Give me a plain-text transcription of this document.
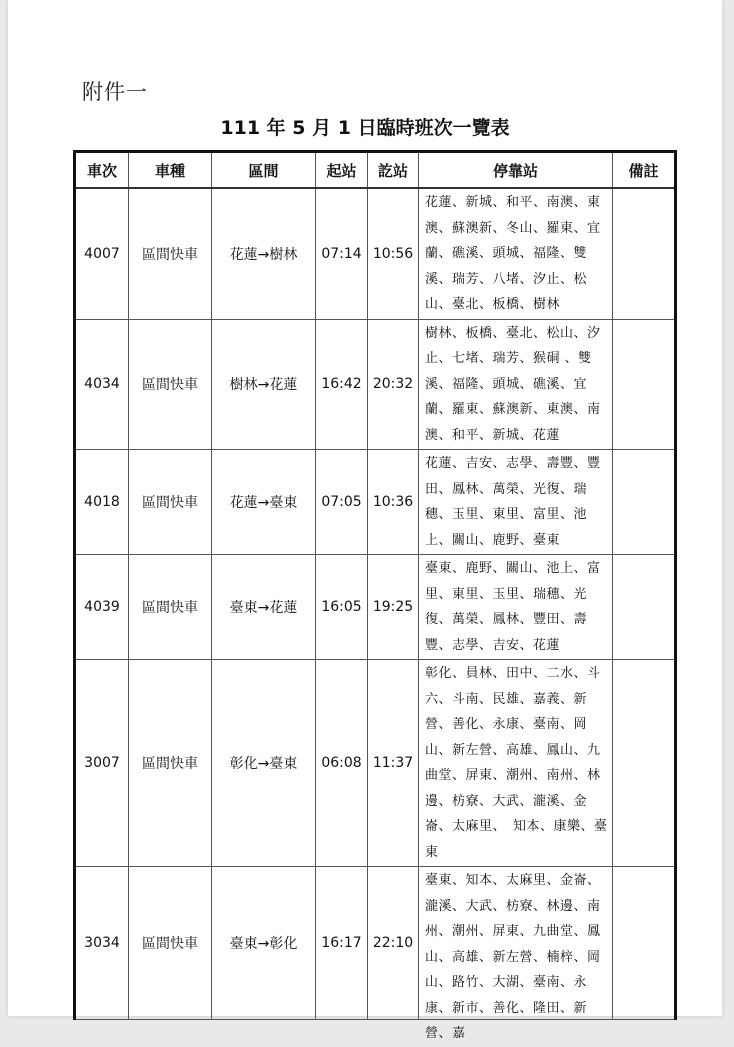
附件一
111 年 5 月 1 日臨時班次一覽表
車次	車種	區間	起站	訖站	停靠站	備註
4007	區間快車	花蓮→樹林	07:14	10:56	花蓮、新城、和平、南澳、東澳、蘇澳新、冬山、羅東、宜蘭、礁溪、頭城、福隆、雙溪、瑞芳、八堵、汐止、松山、臺北、板橋、樹林	
4034	區間快車	樹林→花蓮	16:42	20:32	樹林、板橋、臺北、松山、汐止、七堵、瑞芳、猴硐 、雙溪、福隆、頭城、礁溪、宜蘭、羅東、蘇澳新、東澳、南澳、和平、新城、花蓮	
4018	區間快車	花蓮→臺東	07:05	10:36	花蓮、吉安、志學、壽豐、豐田、鳳林、萬榮、光復、瑞穗、玉里、東里、富里、池上、關山、鹿野、臺東	
4039	區間快車	臺東→花蓮	16:05	19:25	臺東、鹿野、關山、池上、富里、東里、玉里、瑞穗、光復、萬榮、鳳林、豐田、壽豐、志學、吉安、花蓮	
3007	區間快車	彰化→臺東	06:08	11:37	彰化、員林、田中、二水、斗六、斗南、民雄、嘉義、新營、善化、永康、臺南、岡山、新左營、高雄、鳳山、九曲堂、屏東、潮州、南州、林邊、枋寮、大武、瀧溪、金崙、太麻里、　知本、康樂、臺東	
3034	區間快車	臺東→彰化	16:17	22:10	臺東、知本、太麻里、金崙、瀧溪、大武、枋寮、林邊、南州、潮州、屏東、九曲堂、鳳山、高雄、新左營、楠梓、岡山、路竹、大湖、臺南、永康、新市、善化、隆田、新營、嘉	
